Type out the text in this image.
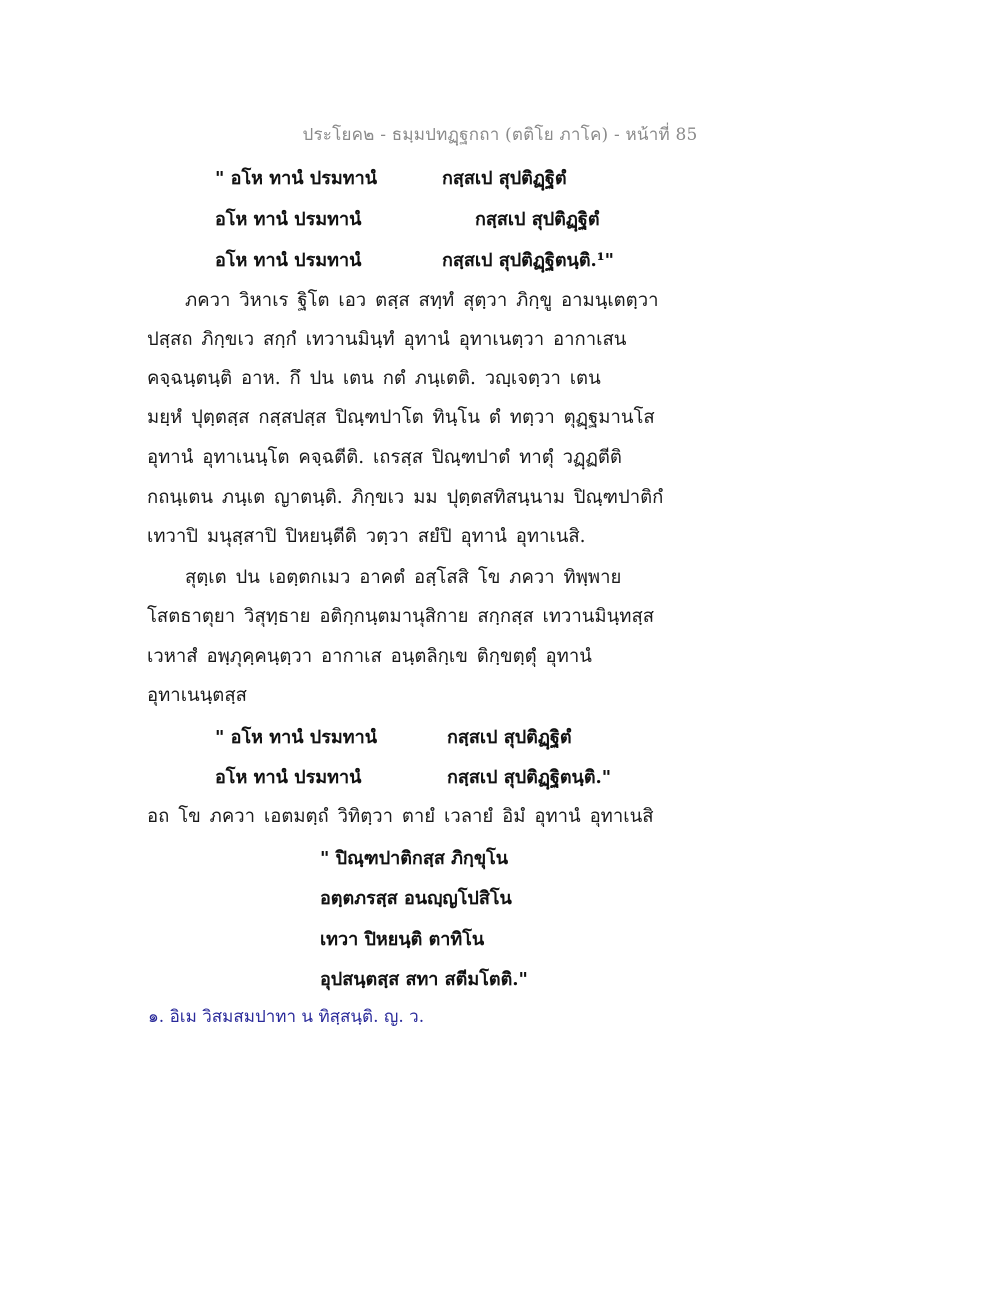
ประโยค๒ - ธมฺมปทฏฺฐกถา (ตติโย ภาโค) - หน้าที่ 85
" อโห ทานํ ปรมทานํ	กสฺสเป สุปติฏฺฐิตํ
อโห ทานํ ปรมทานํ	กสฺสเป สุปติฏฺฐิตํ
อโห ทานํ ปรมทานํ	กสฺสเป สุปติฏฺฐิตนฺติ.¹"
ภควา วิหาเร ฐิโต เอว ตสฺส สทฺทํ สุตฺวา ภิกฺขู อามนฺเตตฺวา
ปสฺสถ ภิกฺขเว สกฺกํ เทวานมินฺทํ อุทานํ อุทาเนตฺวา อากาเสน
คจฺฉนฺตนฺติ อาห. กึ ปน เตน กตํ ภนฺเตติ. วญฺเจตฺวา เตน
มยฺหํ ปุตฺตสฺส กสฺสปสฺส ปิณฺฑปาโต ทินฺโน ตํ ทตฺวา ตุฏฺฐมานโส
อุทานํ อุทาเนนฺโต คจฺฉตีติ. เถรสฺส ปิณฺฑปาตํ ทาตุํ วฏฺฏตีติ
กถนฺเตน ภนฺเต ญาตนฺติ. ภิกฺขเว มม ปุตฺตสทิสนฺนาม ปิณฺฑปาติกํ
เทวาปิ มนุสฺสาปิ ปิหยนฺตีติ วตฺวา สยํปิ อุทานํ อุทาเนสิ.
สุตฺเต ปน เอตฺตกเมว อาคตํ อสฺโสสิ โข ภควา ทิพฺพาย
โสตธาตุยา วิสุทฺธาย อติกฺกนฺตมานุสิกาย สกฺกสฺส เทวานมินฺทสฺส
เวหาสํ อพฺภุคฺคนฺตฺวา อากาเส อนฺตลิกฺเข ติกฺขตฺตุํ อุทานํ
อุทาเนนฺตสฺส
" อโห ทานํ ปรมทานํ	กสฺสเป สุปติฏฺฐิตํ
อโห ทานํ ปรมทานํ	กสฺสเป สุปติฏฺฐิตนฺติ."
อถ โข ภควา เอตมตฺถํ วิทิตฺวา ตายํ เวลายํ อิมํ อุทานํ อุทาเนสิ
" ปิณฺฑปาติกสฺส ภิกฺขุโน
อตฺตภรสฺส อนญฺญโปสิโน
เทวา ปิหยนฺติ ตาทิโน
อุปสนฺตสฺส สทา สตีมโตติ."
๑. อิเม วิสมสมปาทา น ทิสฺสนฺติ. ญ. ว.
